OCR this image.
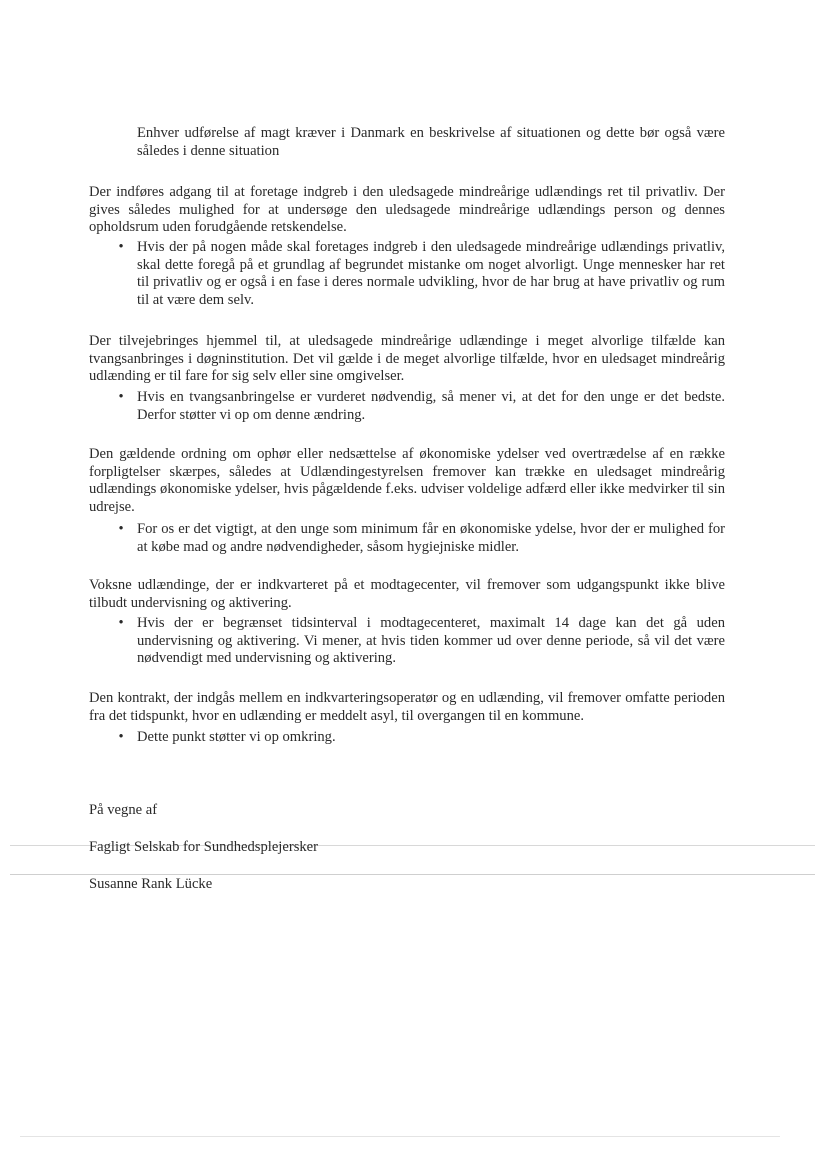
Enhver udførelse af magt kræver i Danmark en beskrivelse af situationen og dette bør også være således i denne situation
Der indføres adgang til at foretage indgreb i den uledsagede mindreårige udlændings ret til privatliv. Der gives således mulighed for at undersøge den uledsagede mindreårige udlændings person og dennes opholdsrum uden forudgående retskendelse.
• Hvis der på nogen måde skal foretages indgreb i den uledsagede mindreårige udlændings privatliv, skal dette foregå på et grundlag af begrundet mistanke om noget alvorligt. Unge mennesker har ret til privatliv og er også i en fase i deres normale udvikling, hvor de har brug at have privatliv og rum til at være dem selv.
Der tilvejebringes hjemmel til, at uledsagede mindreårige udlændinge i meget alvorlige tilfælde kan tvangsanbringes i døgninstitution. Det vil gælde i de meget alvorlige tilfælde, hvor en uledsaget mindreårig udlænding er til fare for sig selv eller sine omgivelser.
• Hvis en tvangsanbringelse er vurderet nødvendig, så mener vi, at det for den unge er det bedste. Derfor støtter vi op om denne ændring.
Den gældende ordning om ophør eller nedsættelse af økonomiske ydelser ved overtrædelse af en række forpligtelser skærpes, således at Udlændingestyrelsen fremover kan trække en uledsaget mindreårig udlændings økonomiske ydelser, hvis pågældende f.eks. udviser voldelige adfærd eller ikke medvirker til sin udrejse.
• For os er det vigtigt, at den unge som minimum får en økonomiske ydelse, hvor der er mulighed for at købe mad og andre nødvendigheder, såsom hygiejniske midler.
Voksne udlændinge, der er indkvarteret på et modtagecenter, vil fremover som udgangspunkt ikke blive tilbudt undervisning og aktivering.
• Hvis der er begrænset tidsinterval i modtagecenteret, maximalt 14 dage kan det gå uden undervisning og aktivering. Vi mener, at hvis tiden kommer ud over denne periode, så vil det være nødvendigt med undervisning og aktivering.
Den kontrakt, der indgås mellem en indkvarteringsoperatør og en udlænding, vil fremover omfatte perioden fra det tidspunkt, hvor en udlænding er meddelt asyl, til overgangen til en kommune.
• Dette punkt støtter vi op omkring.
På vegne af
Fagligt Selskab for Sundhedsplejersker
Susanne Rank Lücke
